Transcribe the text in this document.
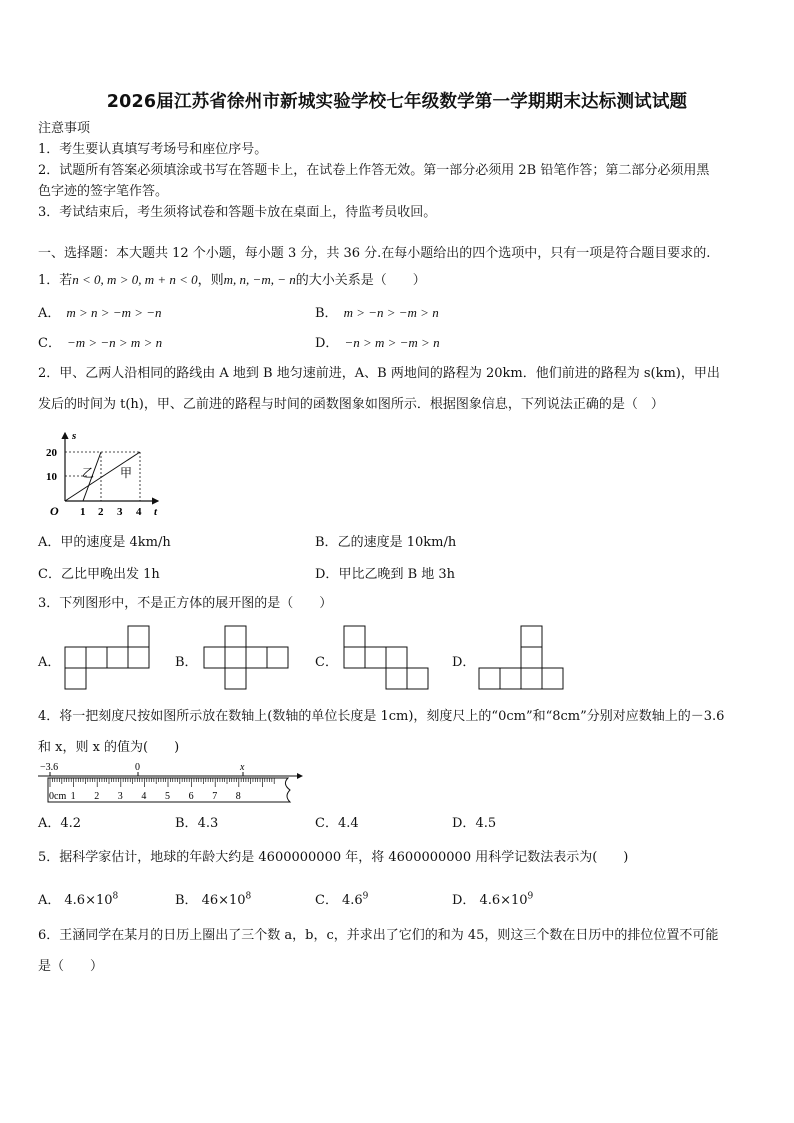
2026届江苏省徐州市新城实验学校七年级数学第一学期期末达标测试试题
注意事项
1．考生要认真填写考场号和座位序号。
2．试题所有答案必须填涂或书写在答题卡上，在试卷上作答无效。第一部分必须用 2B 铅笔作答；第二部分必须用黑
色字迹的签字笔作答。
3．考试结束后，考生须将试卷和答题卡放在桌面上，待监考员收回。
一、选择题：本大题共 12 个小题，每小题 3 分，共 36 分.在每小题给出的四个选项中，只有一项是符合题目要求的.
1．若n < 0, m > 0, m + n < 0，则m, n, −m, − n的大小关系是（　　）
A． m > n > −m > −n	B． m > −n > −m > n
C． −m > −n > m > n	D． −n > m > −m > n
2．甲、乙两人沿相同的路线由 A 地到 B 地匀速前进，A、B 两地间的路程为 20km．他们前进的路程为 s(km)，甲出
发后的时间为 t(h)，甲、乙前进的路程与时间的函数图象如图所示．根据图象信息，下列说法正确的是（　）
s
t
O
20
10
1 2 3 4
乙 甲
A．甲的速度是 4km/h	B．乙的速度是 10km/h
C．乙比甲晚出发 1h	D．甲比乙晚到 B 地 3h
3．下列图形中，不是正方体的展开图的是（　　）
A．	B．	C．	D．
4．将一把刻度尺按如图所示放在数轴上(数轴的单位长度是 1cm)，刻度尺上的“0cm”和“8cm”分别对应数轴上的－3.6
和 x，则 x 的值为(　　)
−3.6	0	x
0cm 1 2 3 4 5 6 7 8
A．4.2	B．4.3	C．4.4	D．4.5
5．据科学家估计，地球的年龄大约是 4600000000 年，将 4600000000 用科学记数法表示为(　　)
A． $4.6\times 10^8$	B． $46\times 10^8$	C． $4.6^9$	D． $4.6\times 10^9$
6．王涵同学在某月的日历上圈出了三个数 a，b，c，并求出了它们的和为 45，则这三个数在日历中的排位位置不可能
是（　　）
